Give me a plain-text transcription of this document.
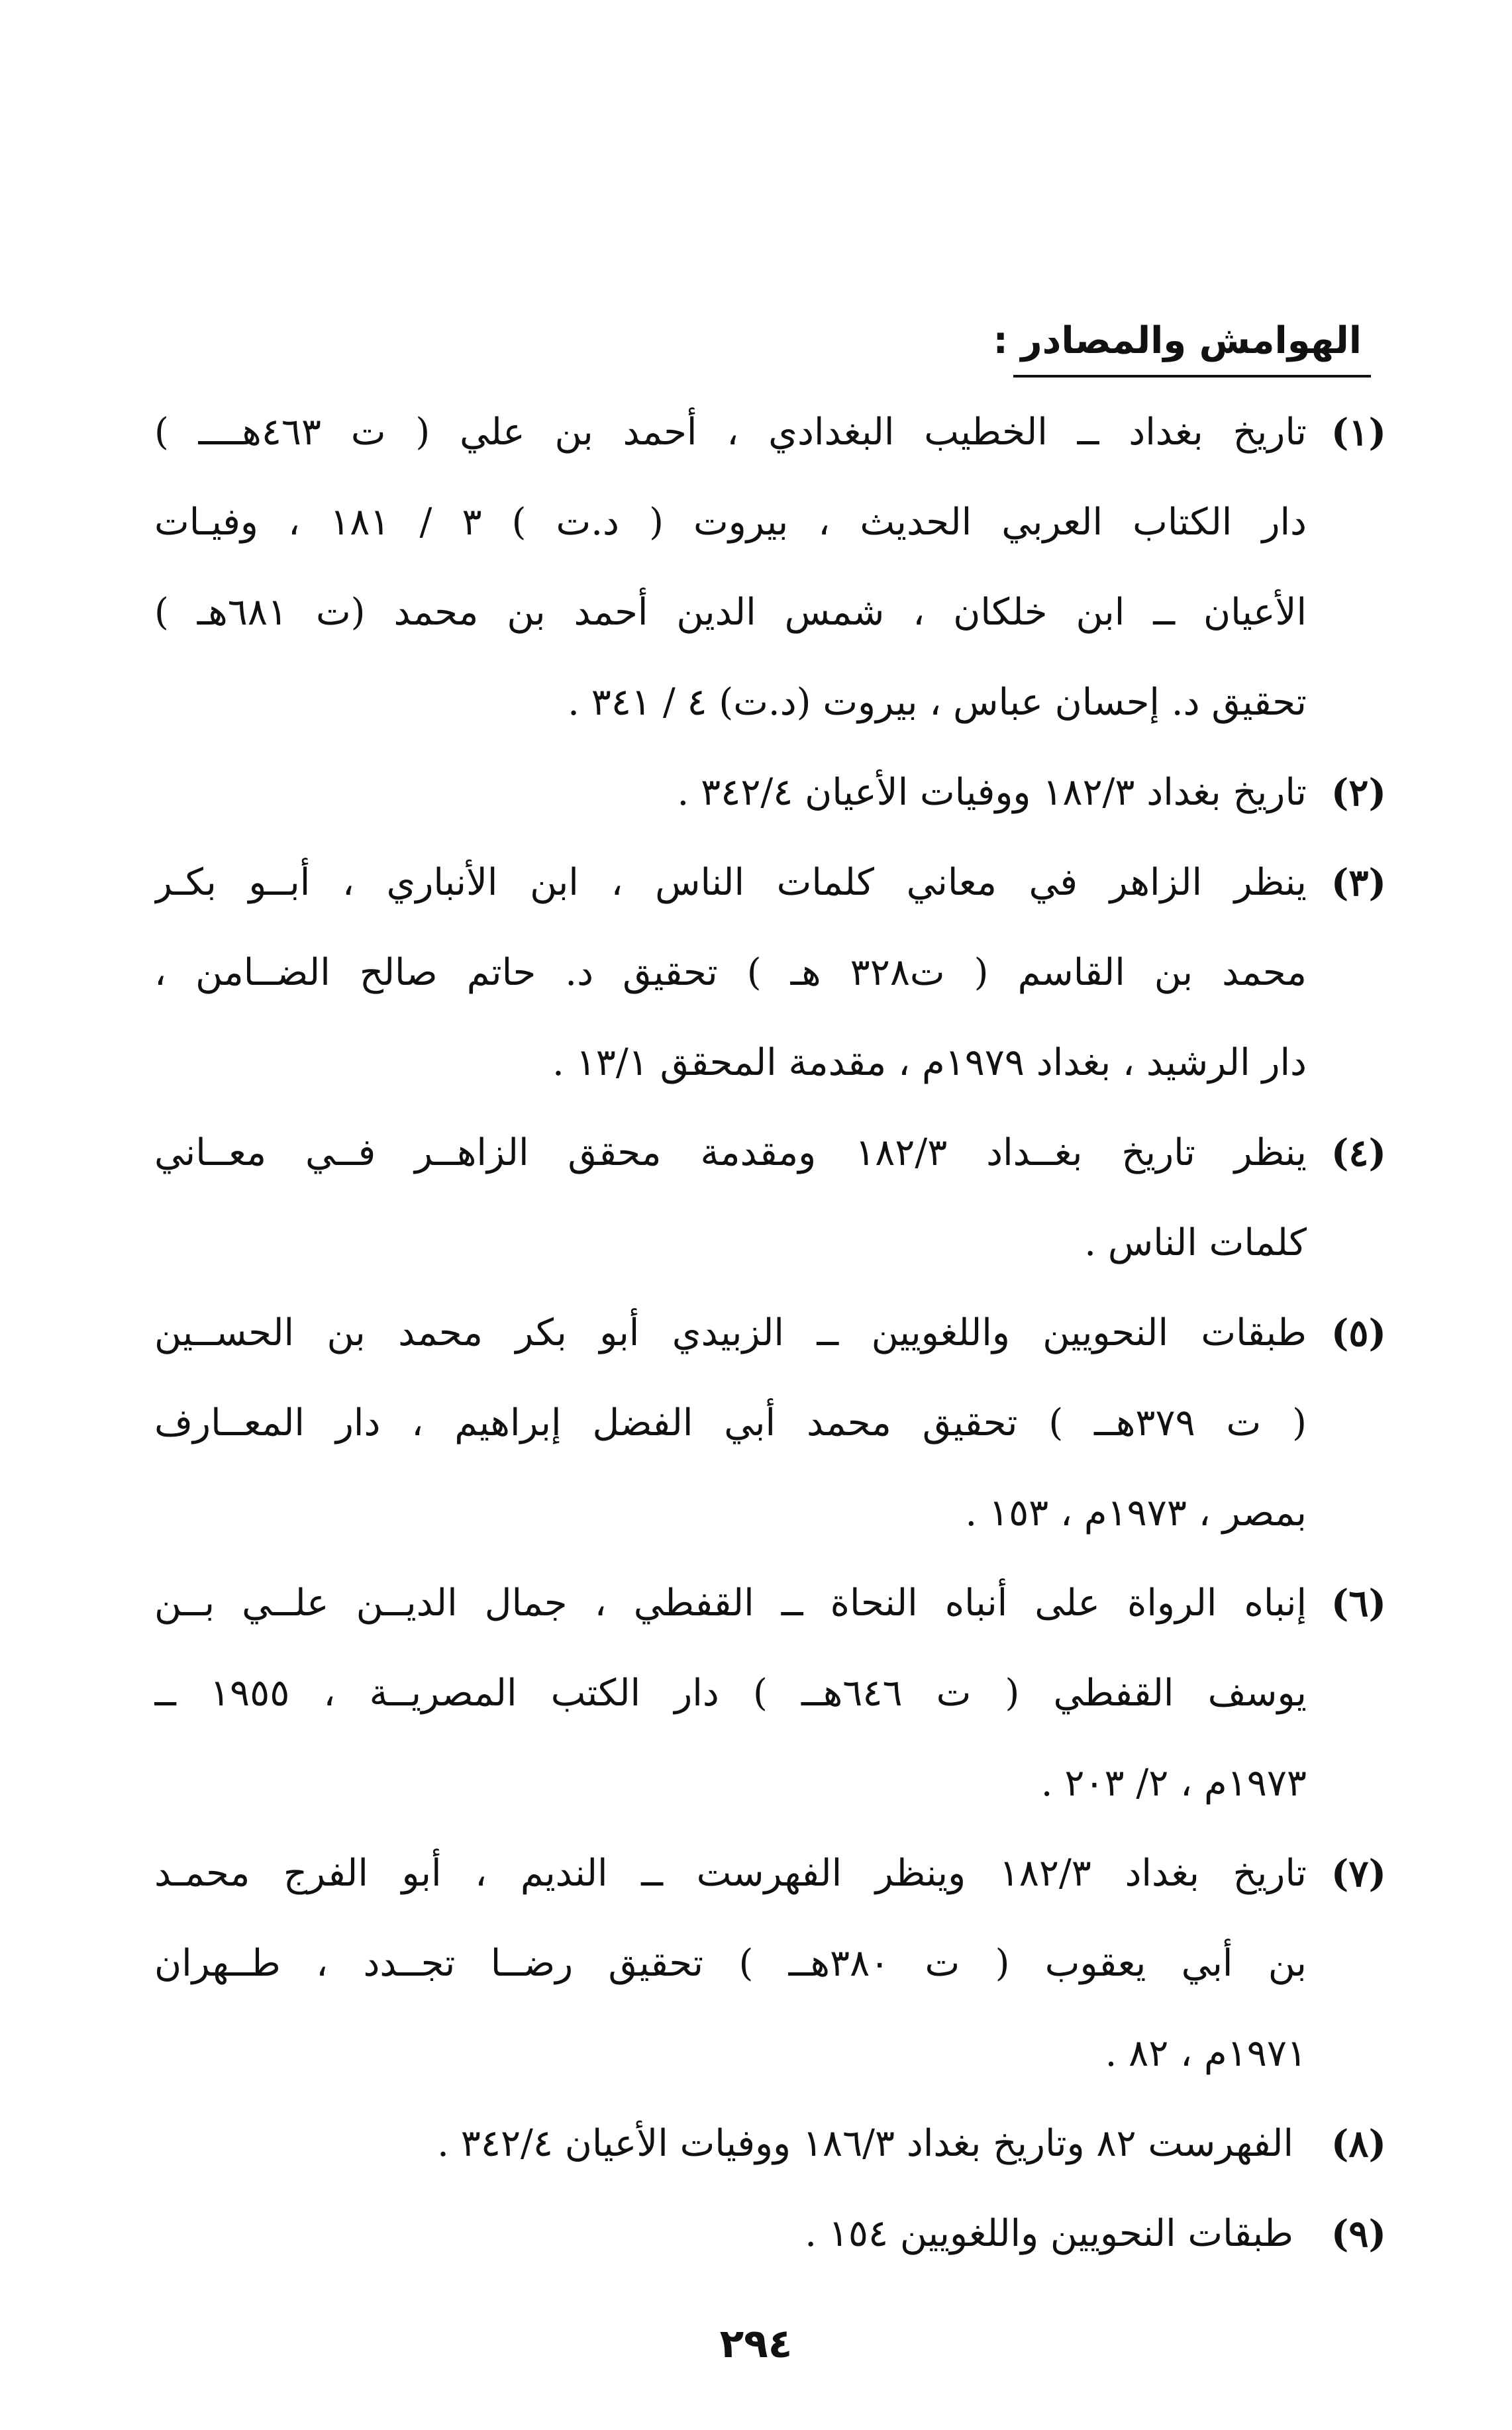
الهوامش والمصادر :
(١)
تاريخ بغداد ــ الخطيب البغدادي ، أحمد بن علي ( ت ٤٦٣هــــ )
دار الكتاب العربي الحديث ، بيروت ( د.ت ) ٣ / ١٨١ ، وفيـات
الأعيان ــ ابن خلكان ، شمس الدين أحمد بن محمد (ت ٦٨١هـ )
تحقيق د. إحسان عباس ، بيروت (د.ت) ٤ / ٣٤١ .
(٢)
تاريخ بغداد ١٨٢/٣ ووفيات الأعيان ٣٤٢/٤ .
(٣)
ينظر الزاهر في معاني كلمات الناس ، ابن الأنباري ، أبــو بكـر
محمد بن القاسم ( ت٣٢٨ هـ ) تحقيق د. حاتم صالح الضــامن ،
دار الرشيد ، بغداد ١٩٧٩م ، مقدمة المحقق ١٣/١ .
(٤)
ينظر تاريخ بغــداد ١٨٢/٣ ومقدمة محقق الزاهــر فــي معــاني
كلمات الناس .
(٥)
طبقات النحويين واللغويين ــ الزبيدي أبو بكر محمد بن الحســين
( ت ٣٧٩هــ ) تحقيق محمد أبي الفضل إبراهيم ، دار المعــارف
بمصر ، ١٩٧٣م ، ١٥٣ .
(٦)
إنباه الرواة على أنباه النحاة ــ القفطي ، جمال الديــن علــي بــن
يوسف القفطي ( ت ٦٤٦هــ ) دار الكتب المصريــة ، ١٩٥٥ ــ
١٩٧٣م ، ٢/ ٢٠٣ .
(٧)
تاريخ بغداد ١٨٢/٣ وينظر الفهرست ــ النديم ، أبو الفرج محمـد
بن أبي يعقوب ( ت ٣٨٠هــ ) تحقيق رضــا تجــدد ، طــهران
١٩٧١م ، ٨٢ .
(٨)
الفهرست ٨٢ وتاريخ بغداد ١٨٦/٣ ووفيات الأعيان ٣٤٢/٤ .
(٩)
طبقات النحويين واللغويين ١٥٤ .
٢٩٤
